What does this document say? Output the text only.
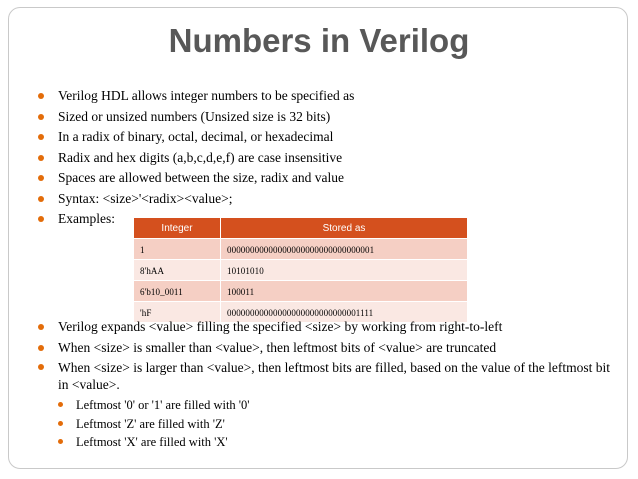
Numbers in Verilog
Verilog HDL allows integer numbers to be specified as
Sized or unsized numbers (Unsized size is 32 bits)
In a radix of binary, octal, decimal, or hexadecimal
Radix and hex digits (a,b,c,d,e,f) are case insensitive
Spaces are allowed between the size, radix and value
Syntax: <size>'<radix><value>;
Examples:
Integer	Stored as
1	00000000000000000000000000000001
8'hAA	10101010
6'b10_0011	100011
'hF	00000000000000000000000000001111
Verilog expands <value> filling the specified <size> by working from right-to-left
When <size> is smaller than <value>, then leftmost bits of <value> are truncated
When <size> is larger than <value>, then leftmost bits are filled, based on the value of the leftmost bit in <value>.
Leftmost '0' or '1' are filled with '0'
Leftmost 'Z' are filled with 'Z'
Leftmost 'X' are filled with 'X'
